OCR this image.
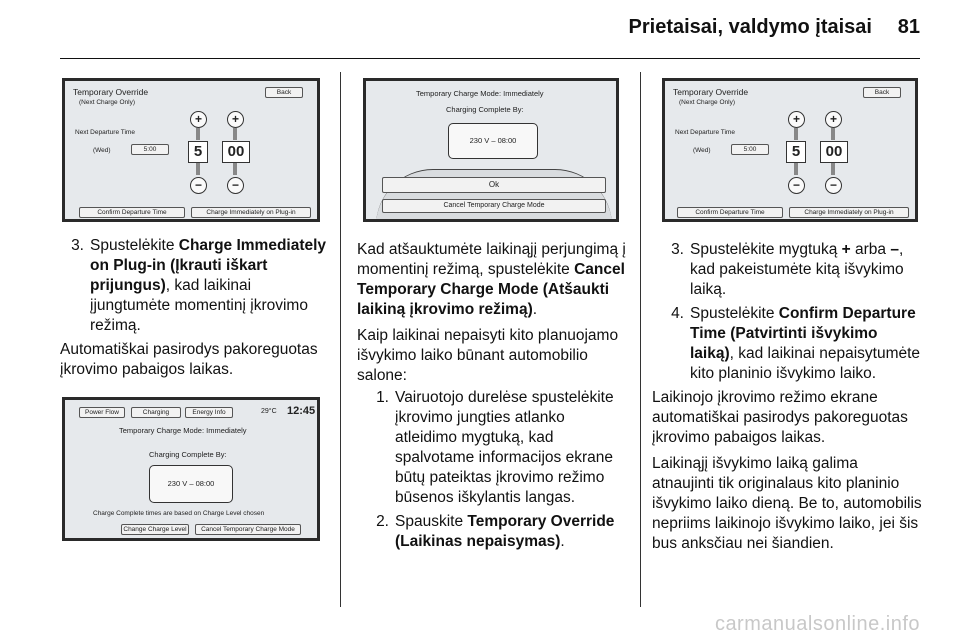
Prietaisai, valdymo įtaisai 81
Temporary Override
(Next Charge Only)
Back
Next Departure Time
(Wed)	5:00
+
5
−
+
00
−
Confirm Departure Time	Charge Immediately on Plug-in
3. Spustelėkite Charge Immediately on Plug-in (Įkrauti iškart prijungus), kad laikinai įjungtumėte momentinį įkrovimo režimą.

Automatiškai pasirodys pakoreguotas įkrovimo pabaigos laikas.

Power Flow	Charging	Energy Info	29°C 12:45
Temporary Charge Mode: Immediately
Charging Complete By:
230 V – 08:00
Charge Complete times are based on Charge Level chosen
Change Charge Level	Cancel Temporary Charge Mode
Temporary Charge Mode: Immediately
Charging Complete By:
230 V – 08:00
Ok
Cancel Temporary Charge Mode

Kad atšauktumėte laikinąjį perjungimą į momentinį režimą, spustelėkite Cancel Temporary Charge Mode (Atšaukti laikiną įkrovimo režimą).

Kaip laikinai nepaisyti kito planuojamo išvykimo laiko būnant automobilio salone:

1. Vairuotojo durelėse spustelėkite įkrovimo jungties atlanko atleidimo mygtuką, kad spalvotame informacijos ekrane būtų pateiktas įkrovimo režimo būsenos iškylantis langas.
2. Spauskite Temporary Override (Laikinas nepaisymas).
Temporary Override
(Next Charge Only)
Back
Next Departure Time
(Wed)	5:00
+
5
−
+
00
−
Confirm Departure Time	Charge Immediately on Plug-in
3. Spustelėkite mygtuką + arba –, kad pakeistumėte kitą išvykimo laiką.
4. Spustelėkite Confirm Departure Time (Patvirtinti išvykimo laiką), kad laikinai nepaisytumėte kito planinio išvykimo laiko.

Laikinojo įkrovimo režimo ekrane automatiškai pasirodys pakoreguotas įkrovimo pabaigos laikas.

Laikinąjį išvykimo laiką galima atnaujinti tik originalaus kito planinio išvykimo laiko dieną. Be to, automobilis nepriims laikinojo išvykimo laiko, jei šis bus anksčiau nei šiandien.

carmanualsonline.info
